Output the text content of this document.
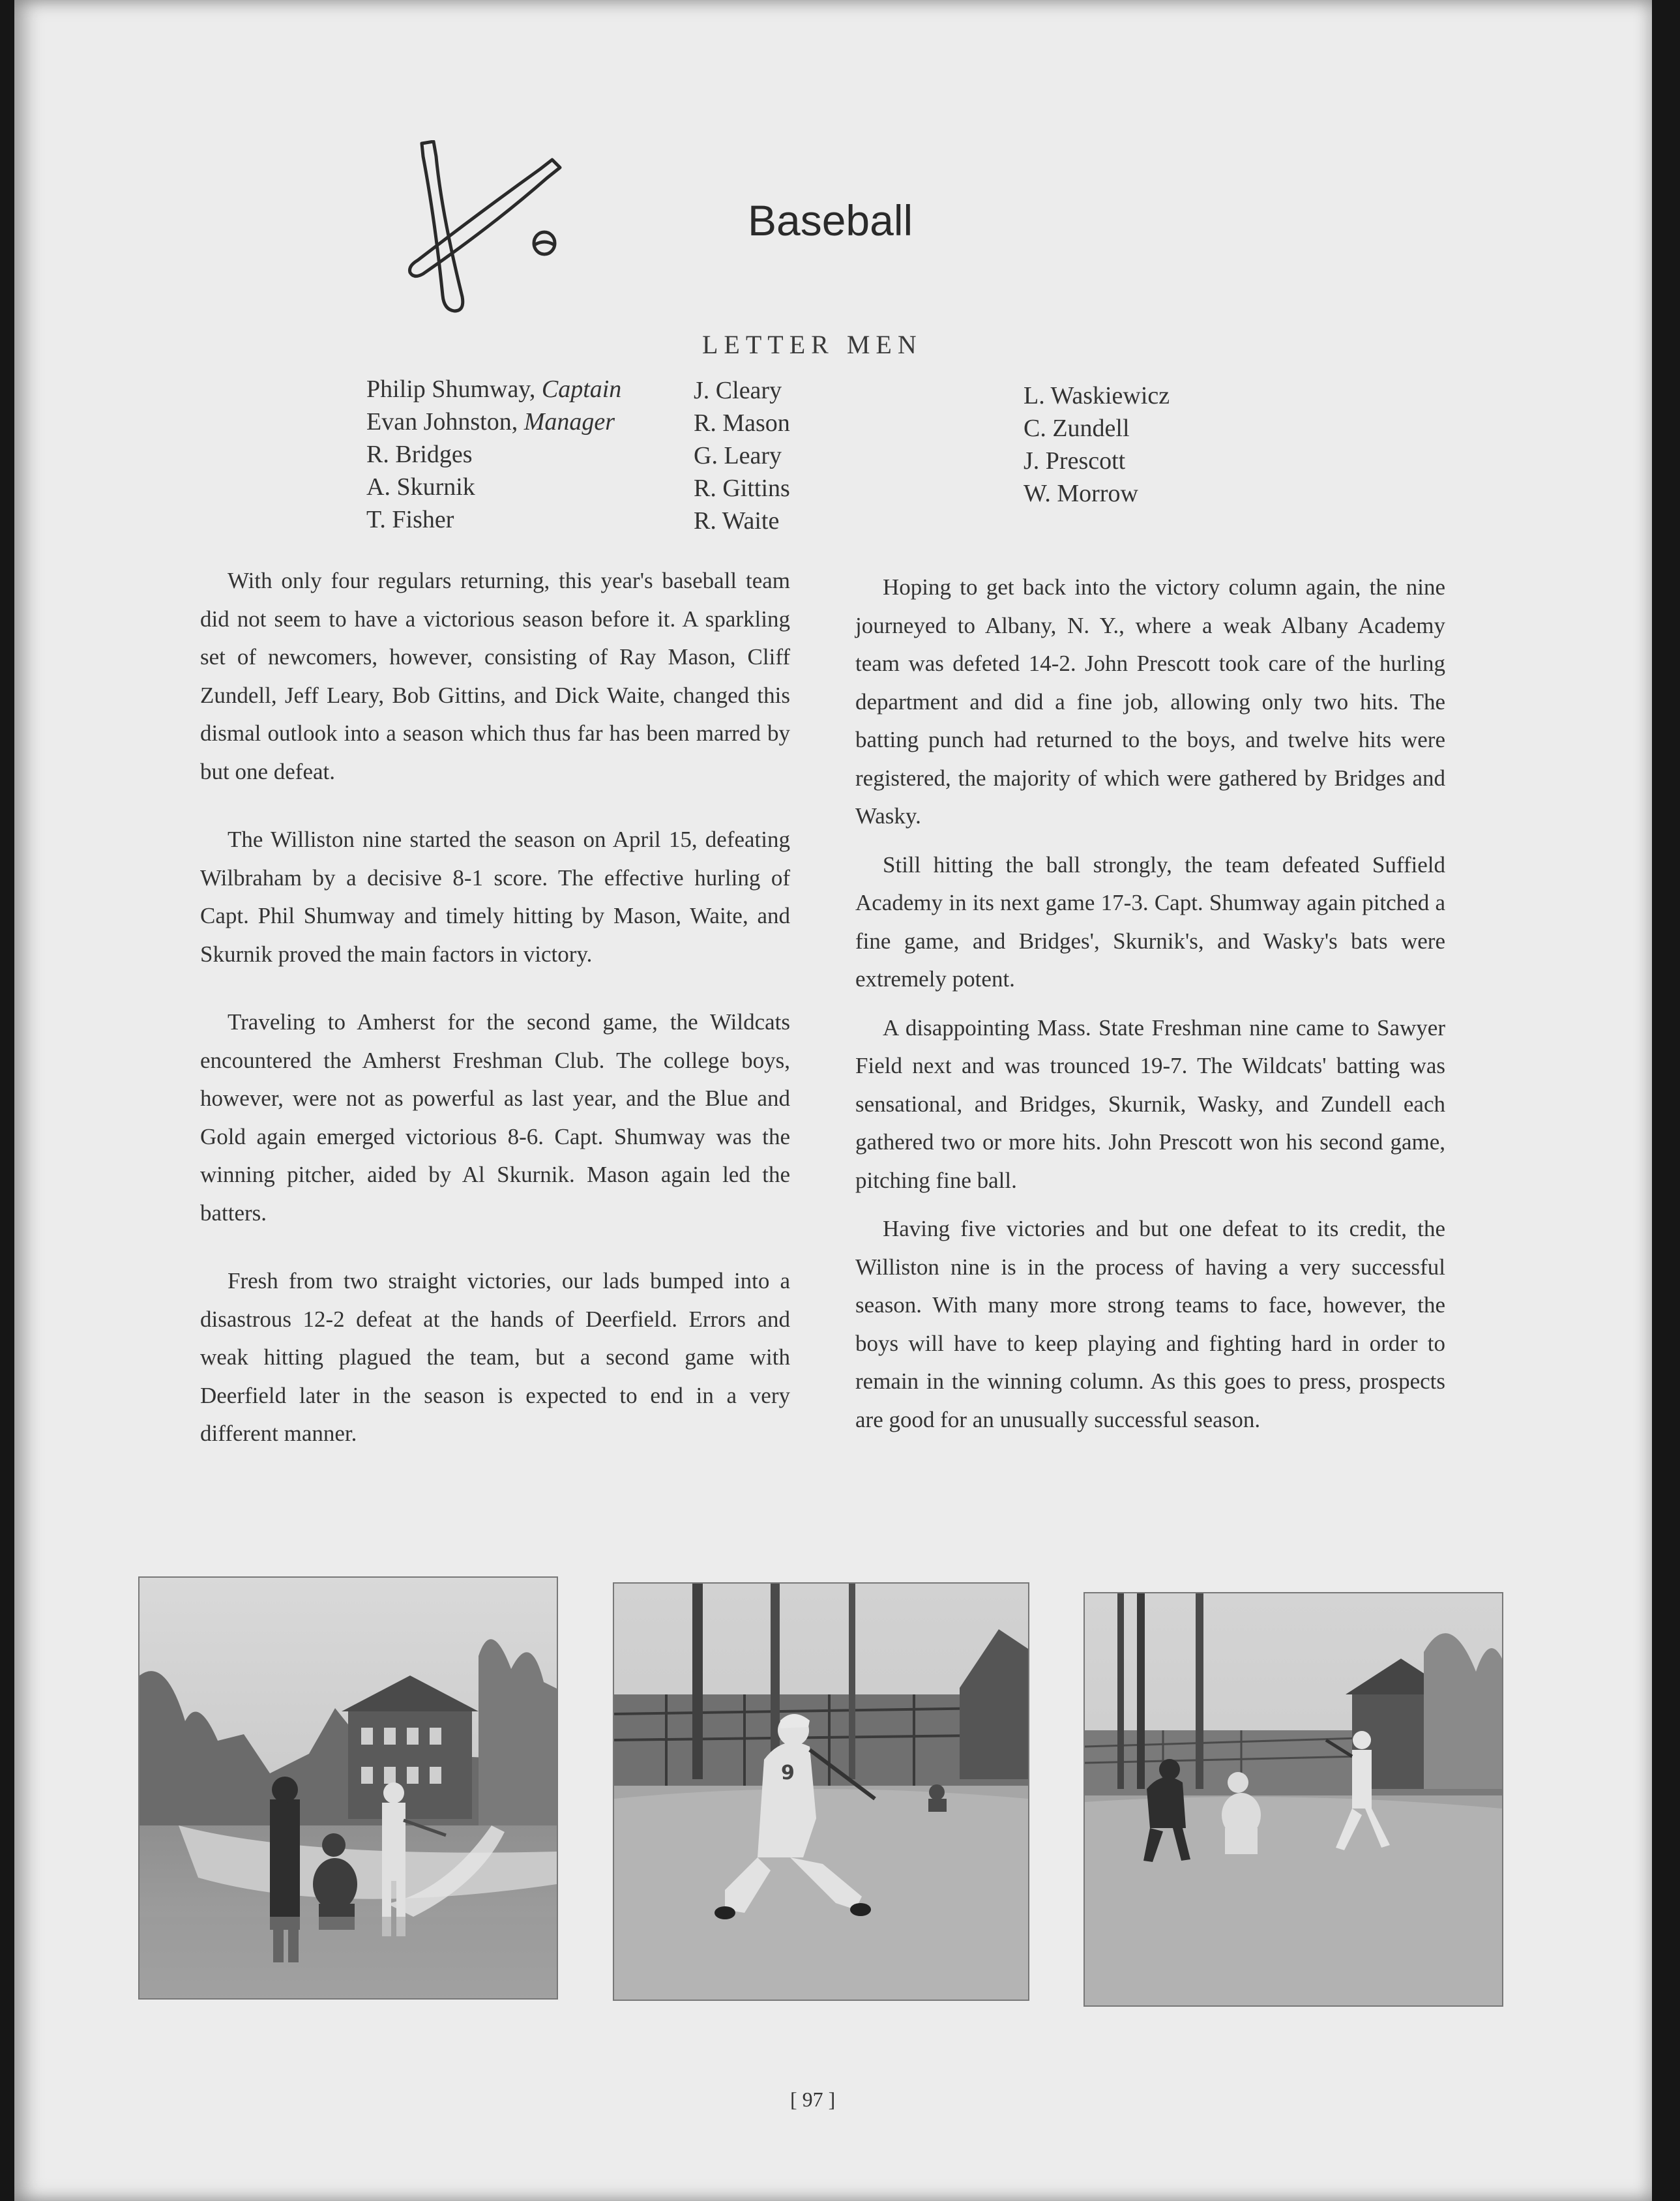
Baseball
LETTER MEN
Philip Shumway, Captain
Evan Johnston, Manager
R. Bridges
A. Skurnik
T. Fisher
J. Cleary
R. Mason
G. Leary
R. Gittins
R. Waite
L. Waskiewicz
C. Zundell
J. Prescott
W. Morrow

With only four regulars returning, this year's baseball team did not seem to have a victorious season before it. A sparkling set of newcomers, however, consisting of Ray Mason, Cliff Zundell, Jeff Leary, Bob Gittins, and Dick Waite, changed this dismal outlook into a season which thus far has been marred by but one defeat.

The Williston nine started the season on April 15, defeating Wilbraham by a decisive 8-1 score. The effective hurling of Capt. Phil Shumway and timely hitting by Mason, Waite, and Skurnik proved the main factors in victory.

Traveling to Amherst for the second game, the Wildcats encountered the Amherst Freshman Club. The college boys, however, were not as powerful as last year, and the Blue and Gold again emerged victorious 8-6. Capt. Shumway was the winning pitcher, aided by Al Skurnik. Mason again led the batters.

Fresh from two straight victories, our lads bumped into a disastrous 12-2 defeat at the hands of Deerfield. Errors and weak hitting plagued the team, but a second game with Deerfield later in the season is expected to end in a very different manner.

Hoping to get back into the victory column again, the nine journeyed to Albany, N. Y., where a weak Albany Academy team was defeted 14-2. John Prescott took care of the hurling department and did a fine job, allowing only two hits. The batting punch had returned to the boys, and twelve hits were registered, the majority of which were gathered by Bridges and Wasky.

Still hitting the ball strongly, the team defeated Suffield Academy in its next game 17-3. Capt. Shumway again pitched a fine game, and Bridges', Skurnik's, and Wasky's bats were extremely potent.

A disappointing Mass. State Freshman nine came to Sawyer Field next and was trounced 19-7. The Wildcats' batting was sensational, and Bridges, Skurnik, Wasky, and Zundell each gathered two or more hits. John Prescott won his second game, pitching fine ball.

Having five victories and but one defeat to its credit, the Williston nine is in the process of having a very successful season. With many more strong teams to face, however, the boys will have to keep playing and fighting hard in order to remain in the winning column. As this goes to press, prospects are good for an unusually successful season.

9
[ 97 ]
